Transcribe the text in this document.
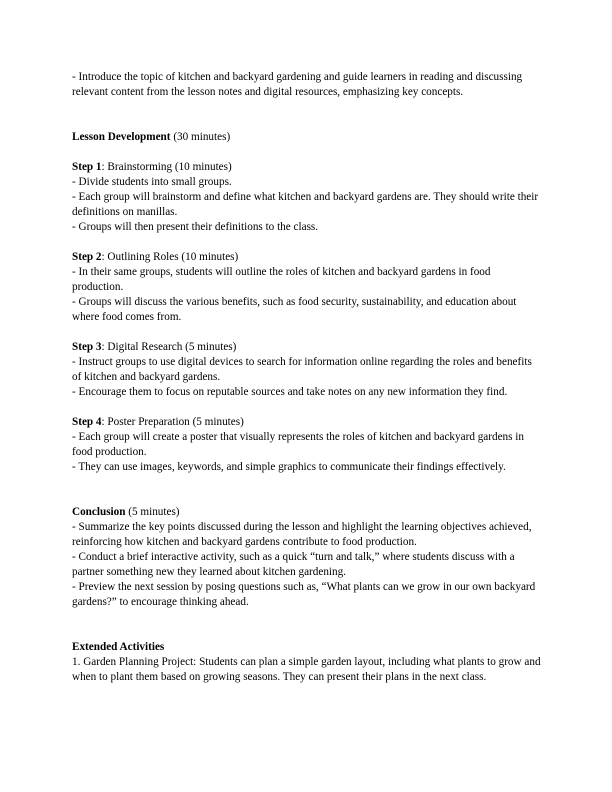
- Introduce the topic of kitchen and backyard gardening and guide learners in reading and discussing relevant content from the lesson notes and digital resources, emphasizing key concepts.

Lesson Development (30 minutes)

Step 1: Brainstorming (10 minutes)

- Divide students into small groups.

- Each group will brainstorm and define what kitchen and backyard gardens are. They should write their definitions on manillas.

- Groups will then present their definitions to the class.

Step 2: Outlining Roles (10 minutes)

- In their same groups, students will outline the roles of kitchen and backyard gardens in food production.

- Groups will discuss the various benefits, such as food security, sustainability, and education about where food comes from.

Step 3: Digital Research (5 minutes)

- Instruct groups to use digital devices to search for information online regarding the roles and benefits of kitchen and backyard gardens.

- Encourage them to focus on reputable sources and take notes on any new information they find.

Step 4: Poster Preparation (5 minutes)

- Each group will create a poster that visually represents the roles of kitchen and backyard gardens in food production.

- They can use images, keywords, and simple graphics to communicate their findings effectively.

Conclusion (5 minutes)

- Summarize the key points discussed during the lesson and highlight the learning objectives achieved, reinforcing how kitchen and backyard gardens contribute to food production.

- Conduct a brief interactive activity, such as a quick “turn and talk,” where students discuss with a partner something new they learned about kitchen gardening.

- Preview the next session by posing questions such as, “What plants can we grow in our own backyard gardens?” to encourage thinking ahead.

Extended Activities

1. Garden Planning Project: Students can plan a simple garden layout, including what plants to grow and when to plant them based on growing seasons. They can present their plans in the next class.
